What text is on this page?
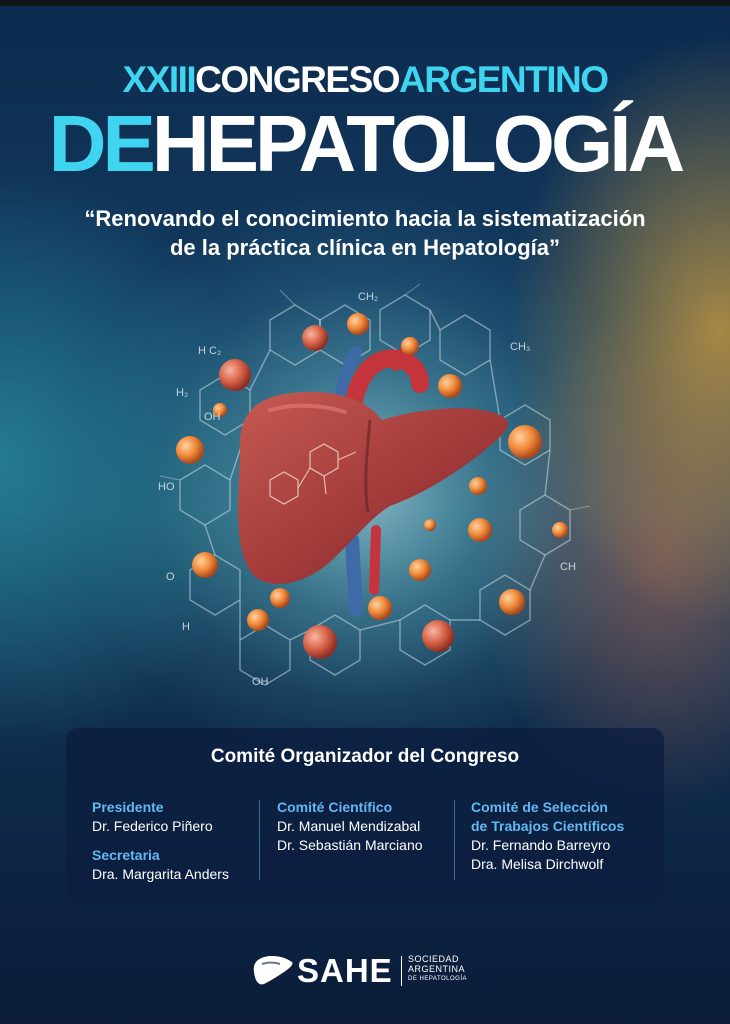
XXIIICONGRESOARGENTINO
DEHEPATOLOGÍA
“Renovando el conocimiento hacia la sistematización
de la práctica clínica en Hepatología”
CH₂
H C₂
H₂
OH
CH₃
HO
CH
H
O
OH
Comité Organizador del Congreso
Presidente
Dr. Federico Piñero
Secretaria
Dra. Margarita Anders
Comité Científico
Dr. Manuel Mendizabal
Dr. Sebastián Marciano
Comité de Selección
de Trabajos Científicos
Dr. Fernando Barreyro
Dra. Melisa Dirchwolf
SAHE SOCIEDAD
ARGENTINA
DE HEPATOLOGÍA
